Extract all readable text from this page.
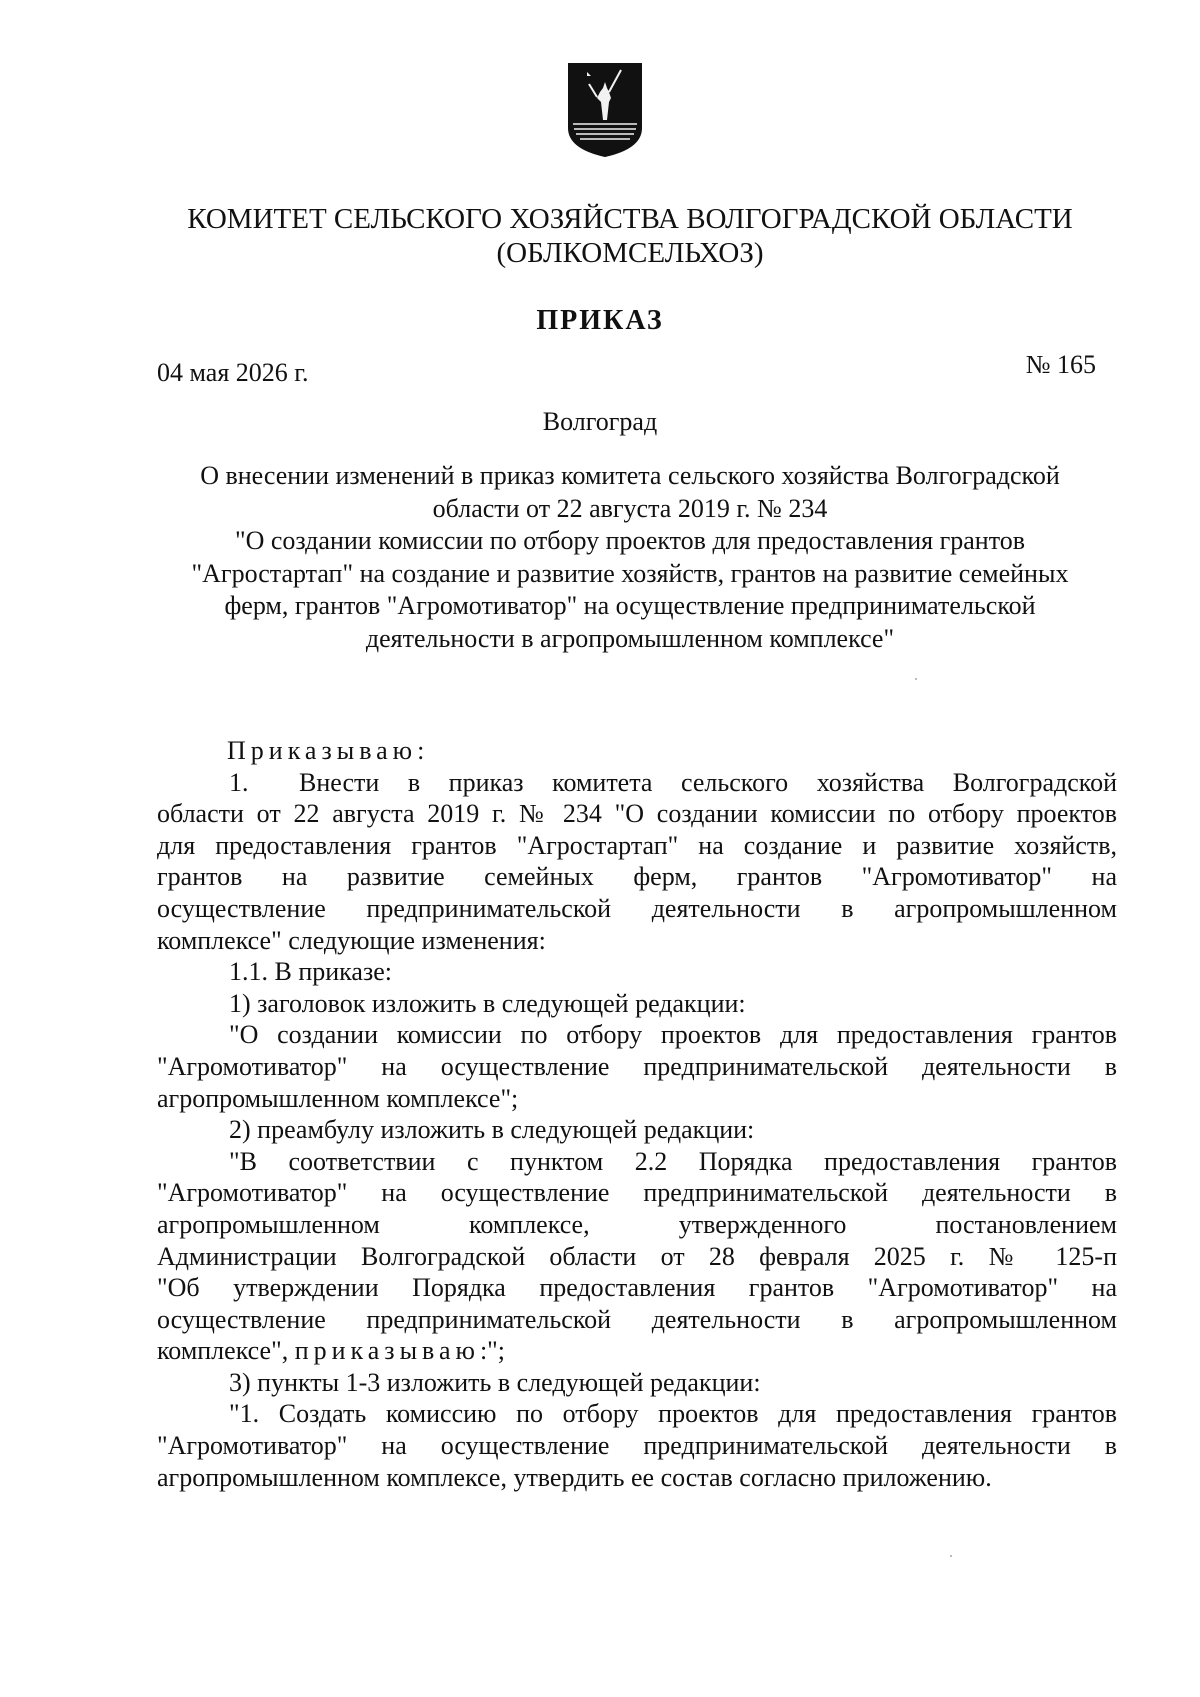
КОМИТЕТ СЕЛЬСКОГО ХОЗЯЙСТВА ВОЛГОГРАДСКОЙ ОБЛАСТИ
(ОБЛКОМСЕЛЬХОЗ)
ПРИКАЗ
04 мая 2026 г.	№ 165
Волгоград
О внесении изменений в приказ комитета сельского хозяйства Волгоградской
области от 22 августа 2019 г. № 234
"О создании комиссии по отбору проектов для предоставления грантов
"Агростартап" на создание и развитие хозяйств, грантов на развитие семейных
ферм, грантов "Агромотиватор" на осуществление предпринимательской
деятельности в агропромышленном комплексе"
Приказываю:
1. Внести в приказ комитета сельского хозяйства Волгоградской
области от 22 августа 2019 г. № 234 "О создании комиссии по отбору проектов
для предоставления грантов "Агростартап" на создание и развитие хозяйств,
грантов на развитие семейных ферм, грантов "Агромотиватор" на
осуществление предпринимательской деятельности в агропромышленном
комплексе" следующие изменения:
1.1. В приказе:
1) заголовок изложить в следующей редакции:
"О создании комиссии по отбору проектов для предоставления грантов
"Агромотиватор" на осуществление предпринимательской деятельности в
агропромышленном комплексе";
2) преамбулу изложить в следующей редакции:
"В соответствии с пунктом 2.2 Порядка предоставления грантов
"Агромотиватор" на осуществление предпринимательской деятельности в
агропромышленном комплексе, утвержденного постановлением
Администрации Волгоградской области от 28 февраля 2025 г. № 125-п
"Об утверждении Порядка предоставления грантов "Агромотиватор" на
осуществление предпринимательской деятельности в агропромышленном
комплексе", приказываю:";
3) пункты 1-3 изложить в следующей редакции:
"1. Создать комиссию по отбору проектов для предоставления грантов
"Агромотиватор" на осуществление предпринимательской деятельности в
агропромышленном комплексе, утвердить ее состав согласно приложению.
